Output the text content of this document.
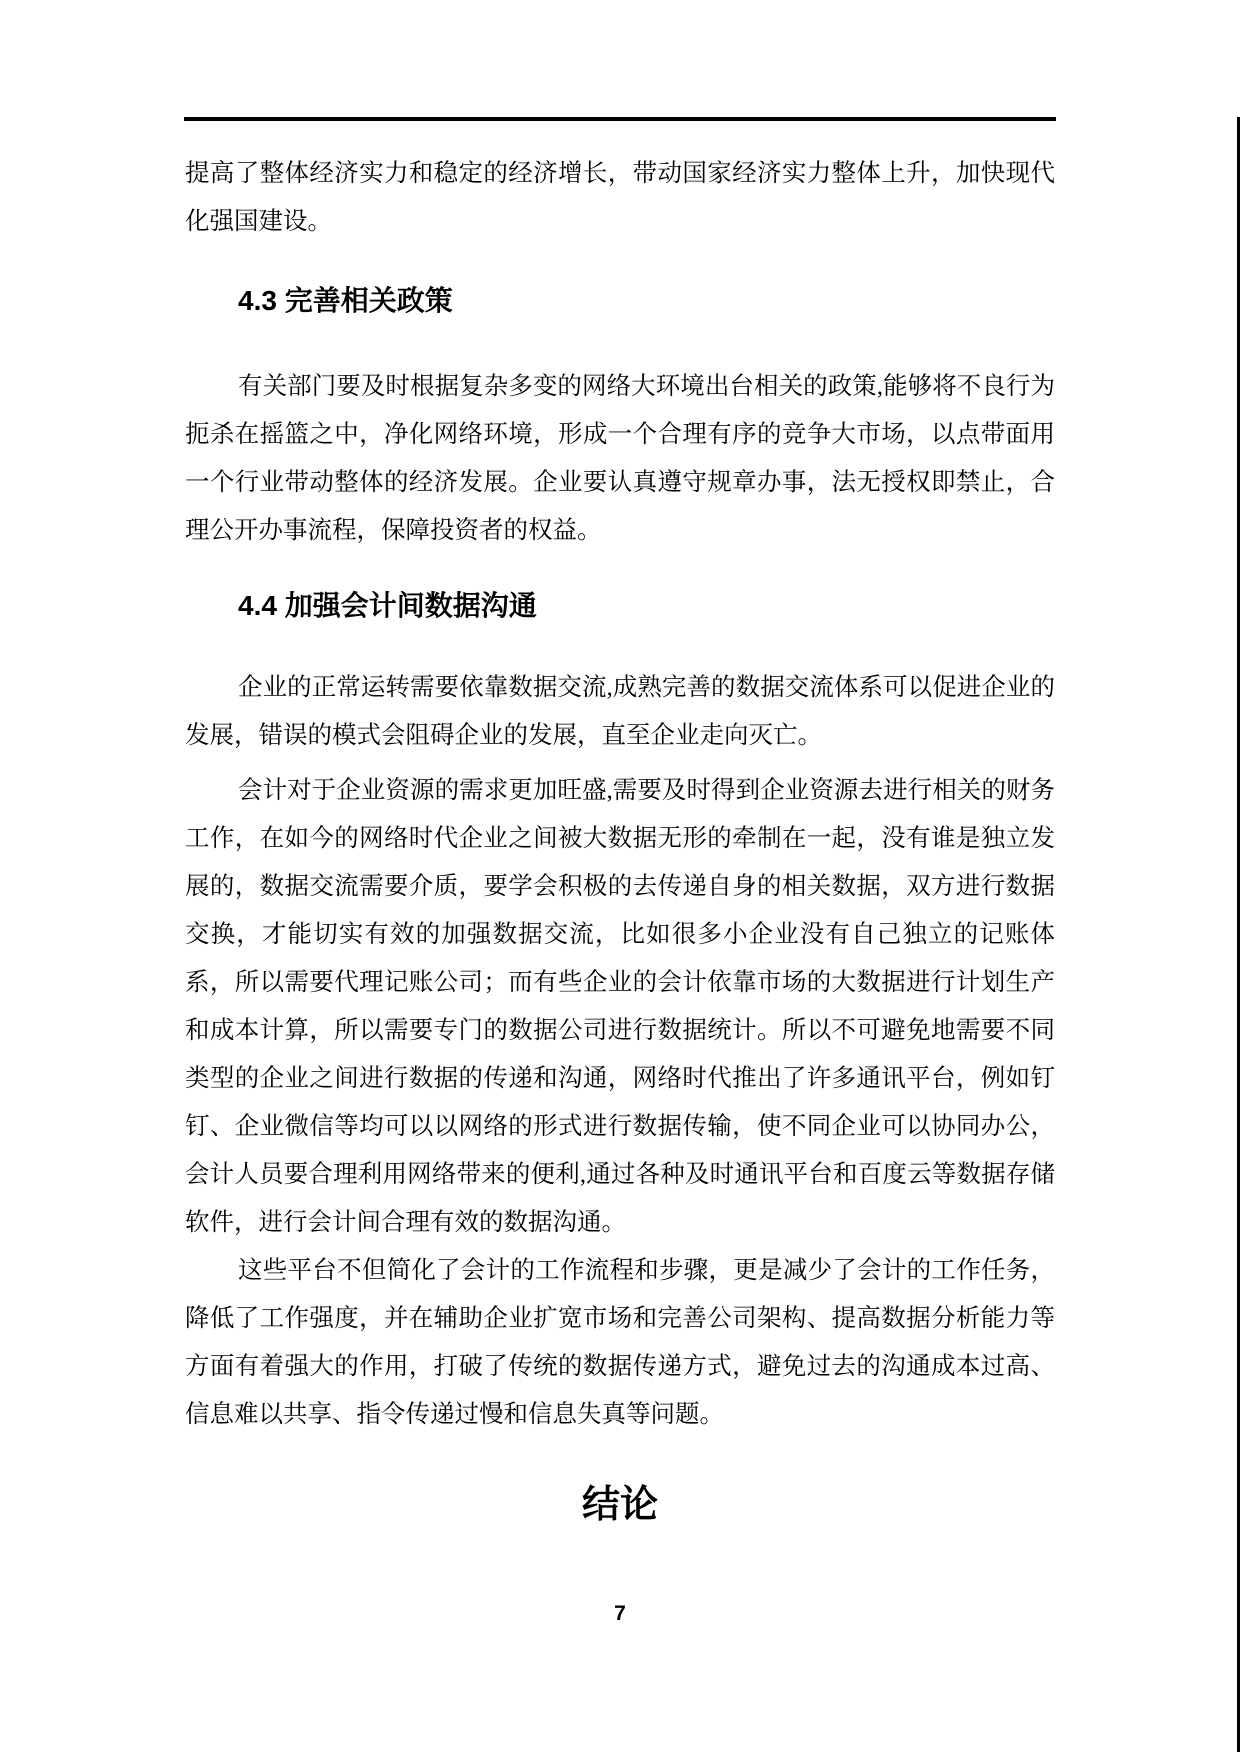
提高了整体经济实力和稳定的经济增长，带动国家经济实力整体上升，加快现代化强国建设。

4.3 完善相关政策

有关部门要及时根据复杂多变的网络大环境出台相关的政策,能够将不良行为扼杀在摇篮之中，净化网络环境，形成一个合理有序的竞争大市场，以点带面用一个行业带动整体的经济发展。企业要认真遵守规章办事，法无授权即禁止，合理公开办事流程，保障投资者的权益。

4.4 加强会计间数据沟通

企业的正常运转需要依靠数据交流,成熟完善的数据交流体系可以促进企业的发展，错误的模式会阻碍企业的发展，直至企业走向灭亡。

会计对于企业资源的需求更加旺盛,需要及时得到企业资源去进行相关的财务工作，在如今的网络时代企业之间被大数据无形的牵制在一起，没有谁是独立发展的，数据交流需要介质，要学会积极的去传递自身的相关数据，双方进行数据交换，才能切实有效的加强数据交流，比如很多小企业没有自己独立的记账体系，所以需要代理记账公司；而有些企业的会计依靠市场的大数据进行计划生产和成本计算，所以需要专门的数据公司进行数据统计。所以不可避免地需要不同类型的企业之间进行数据的传递和沟通，网络时代推出了许多通讯平台，例如钉钉、企业微信等均可以以网络的形式进行数据传输，使不同企业可以协同办公，会计人员要合理利用网络带来的便利,通过各种及时通讯平台和百度云等数据存储软件，进行会计间合理有效的数据沟通。

这些平台不但简化了会计的工作流程和步骤，更是减少了会计的工作任务，降低了工作强度，并在辅助企业扩宽市场和完善公司架构、提高数据分析能力等方面有着强大的作用，打破了传统的数据传递方式，避免过去的沟通成本过高、信息难以共享、指令传递过慢和信息失真等问题。

结论
7
